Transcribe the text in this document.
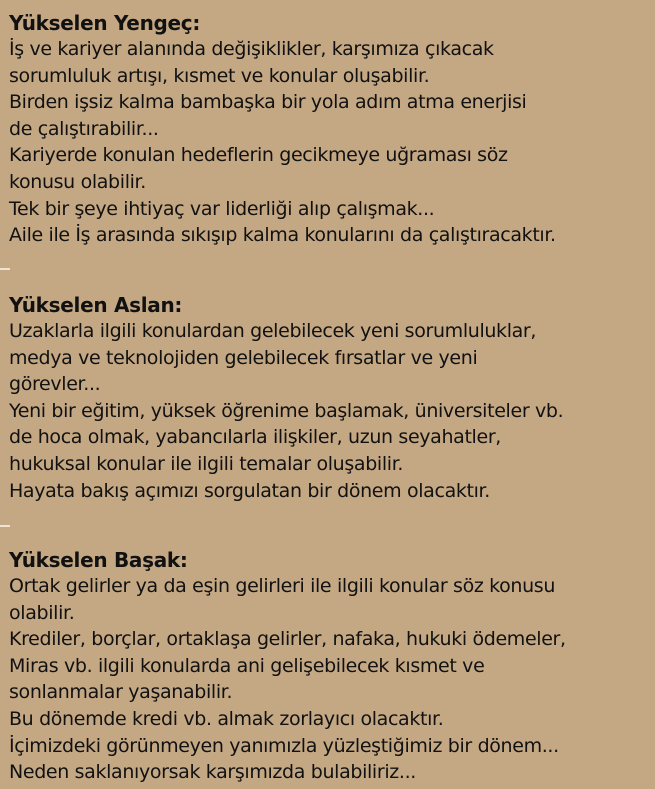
Yükselen Yengeç:
İş ve kariyer alanında değişiklikler, karşımıza çıkacak
sorumluluk artışı, kısmet ve konular oluşabilir.
Birden işsiz kalma bambaşka bir yola adım atma enerjisi
de çalıştırabilir...
Kariyerde konulan hedeflerin gecikmeye uğraması söz
konusu olabilir.
Tek bir şeye ihtiyaç var liderliği alıp çalışmak...
Aile ile İş arasında sıkışıp kalma konularını da çalıştıracaktır.
Yükselen Aslan:
Uzaklarla ilgili konulardan gelebilecek yeni sorumluluklar,
medya ve teknolojiden gelebilecek fırsatlar ve yeni
görevler...
Yeni bir eğitim, yüksek öğrenime başlamak, üniversiteler vb.
de hoca olmak, yabancılarla ilişkiler, uzun seyahatler,
hukuksal konular ile ilgili temalar oluşabilir.
Hayata bakış açımızı sorgulatan bir dönem olacaktır.
Yükselen Başak:
Ortak gelirler ya da eşin gelirleri ile ilgili konular söz konusu
olabilir.
Krediler, borçlar, ortaklaşa gelirler, nafaka, hukuki ödemeler,
Miras vb. ilgili konularda ani gelişebilecek kısmet ve
sonlanmalar yaşanabilir.
Bu dönemde kredi vb. almak zorlayıcı olacaktır.
İçimizdeki görünmeyen yanımızla yüzleştiğimiz bir dönem...
Neden saklanıyorsak karşımızda bulabiliriz...
